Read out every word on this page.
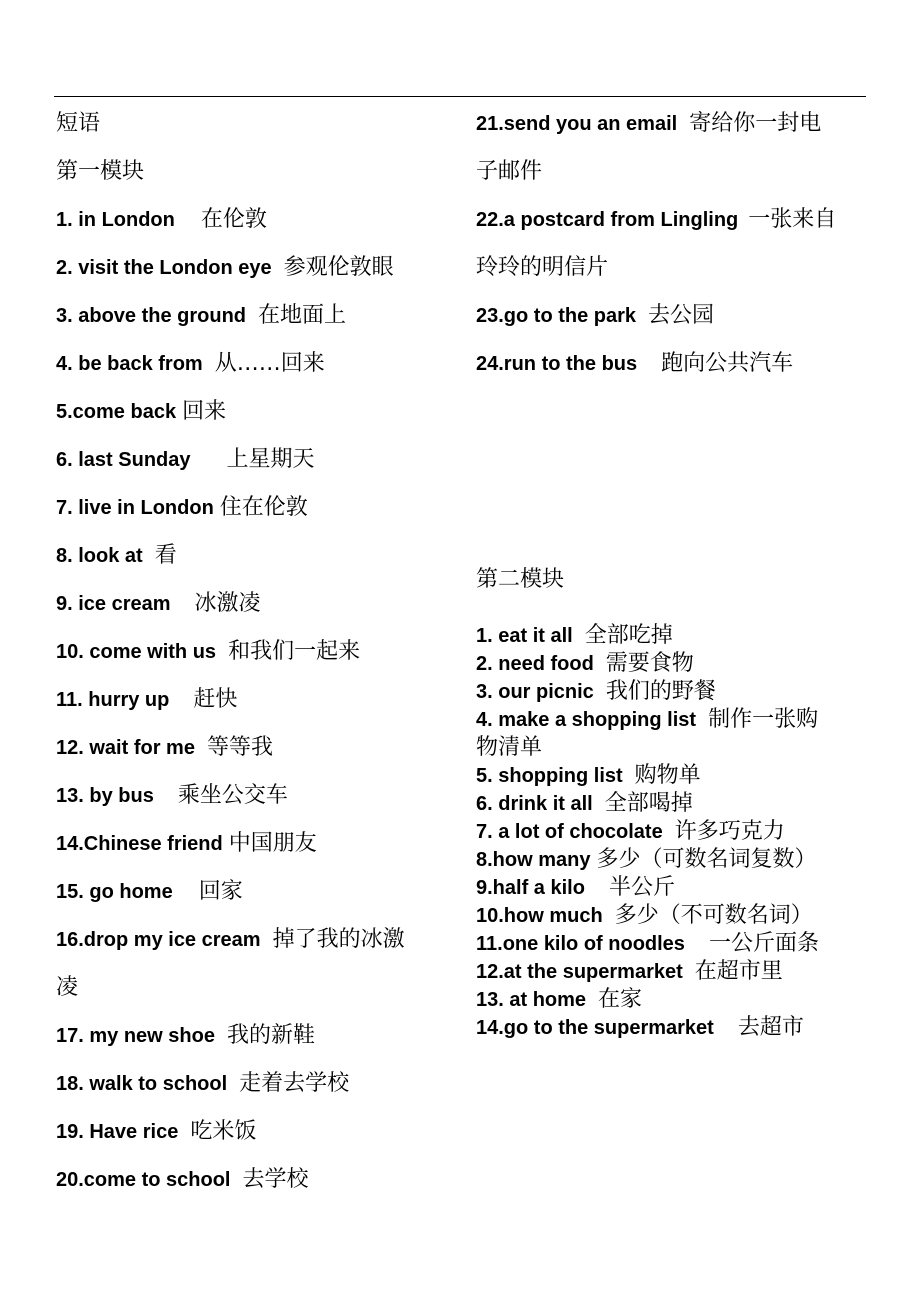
短语
第一模块
1. in London 在伦敦
2. visit the London eye 参观伦敦眼
3. above the ground 在地面上
4. be back from 从……回来
5.come back 回来
6. last Sunday 上星期天
7. live in London 住在伦敦
8. look at 看
9. ice cream 冰激凌
10. come with us 和我们一起来
11. hurry up 赶快
12. wait for me 等等我
13. by bus 乘坐公交车
14.Chinese friend 中国朋友
15. go home 回家
16.drop my ice cream 掉了我的冰激
凌
17. my new shoe 我的新鞋
18. walk to school 走着去学校
19. Have rice 吃米饭
20.come to school 去学校
21.send you an email 寄给你一封电
子邮件
22.a postcard from Lingling 一张来自
玲玲的明信片
23.go to the park 去公园
24.run to the bus 跑向公共汽车
第二模块
1. eat it all 全部吃掉
2. need food 需要食物
3. our picnic 我们的野餐
4. make a shopping list 制作一张购
物清单
5. shopping list 购物单
6. drink it all 全部喝掉
7. a lot of chocolate 许多巧克力
8.how many 多少（可数名词复数）
9.half a kilo 半公斤
10.how much 多少（不可数名词）
11.one kilo of noodles 一公斤面条
12.at the supermarket 在超市里
13. at home 在家
14.go to the supermarket 去超市
